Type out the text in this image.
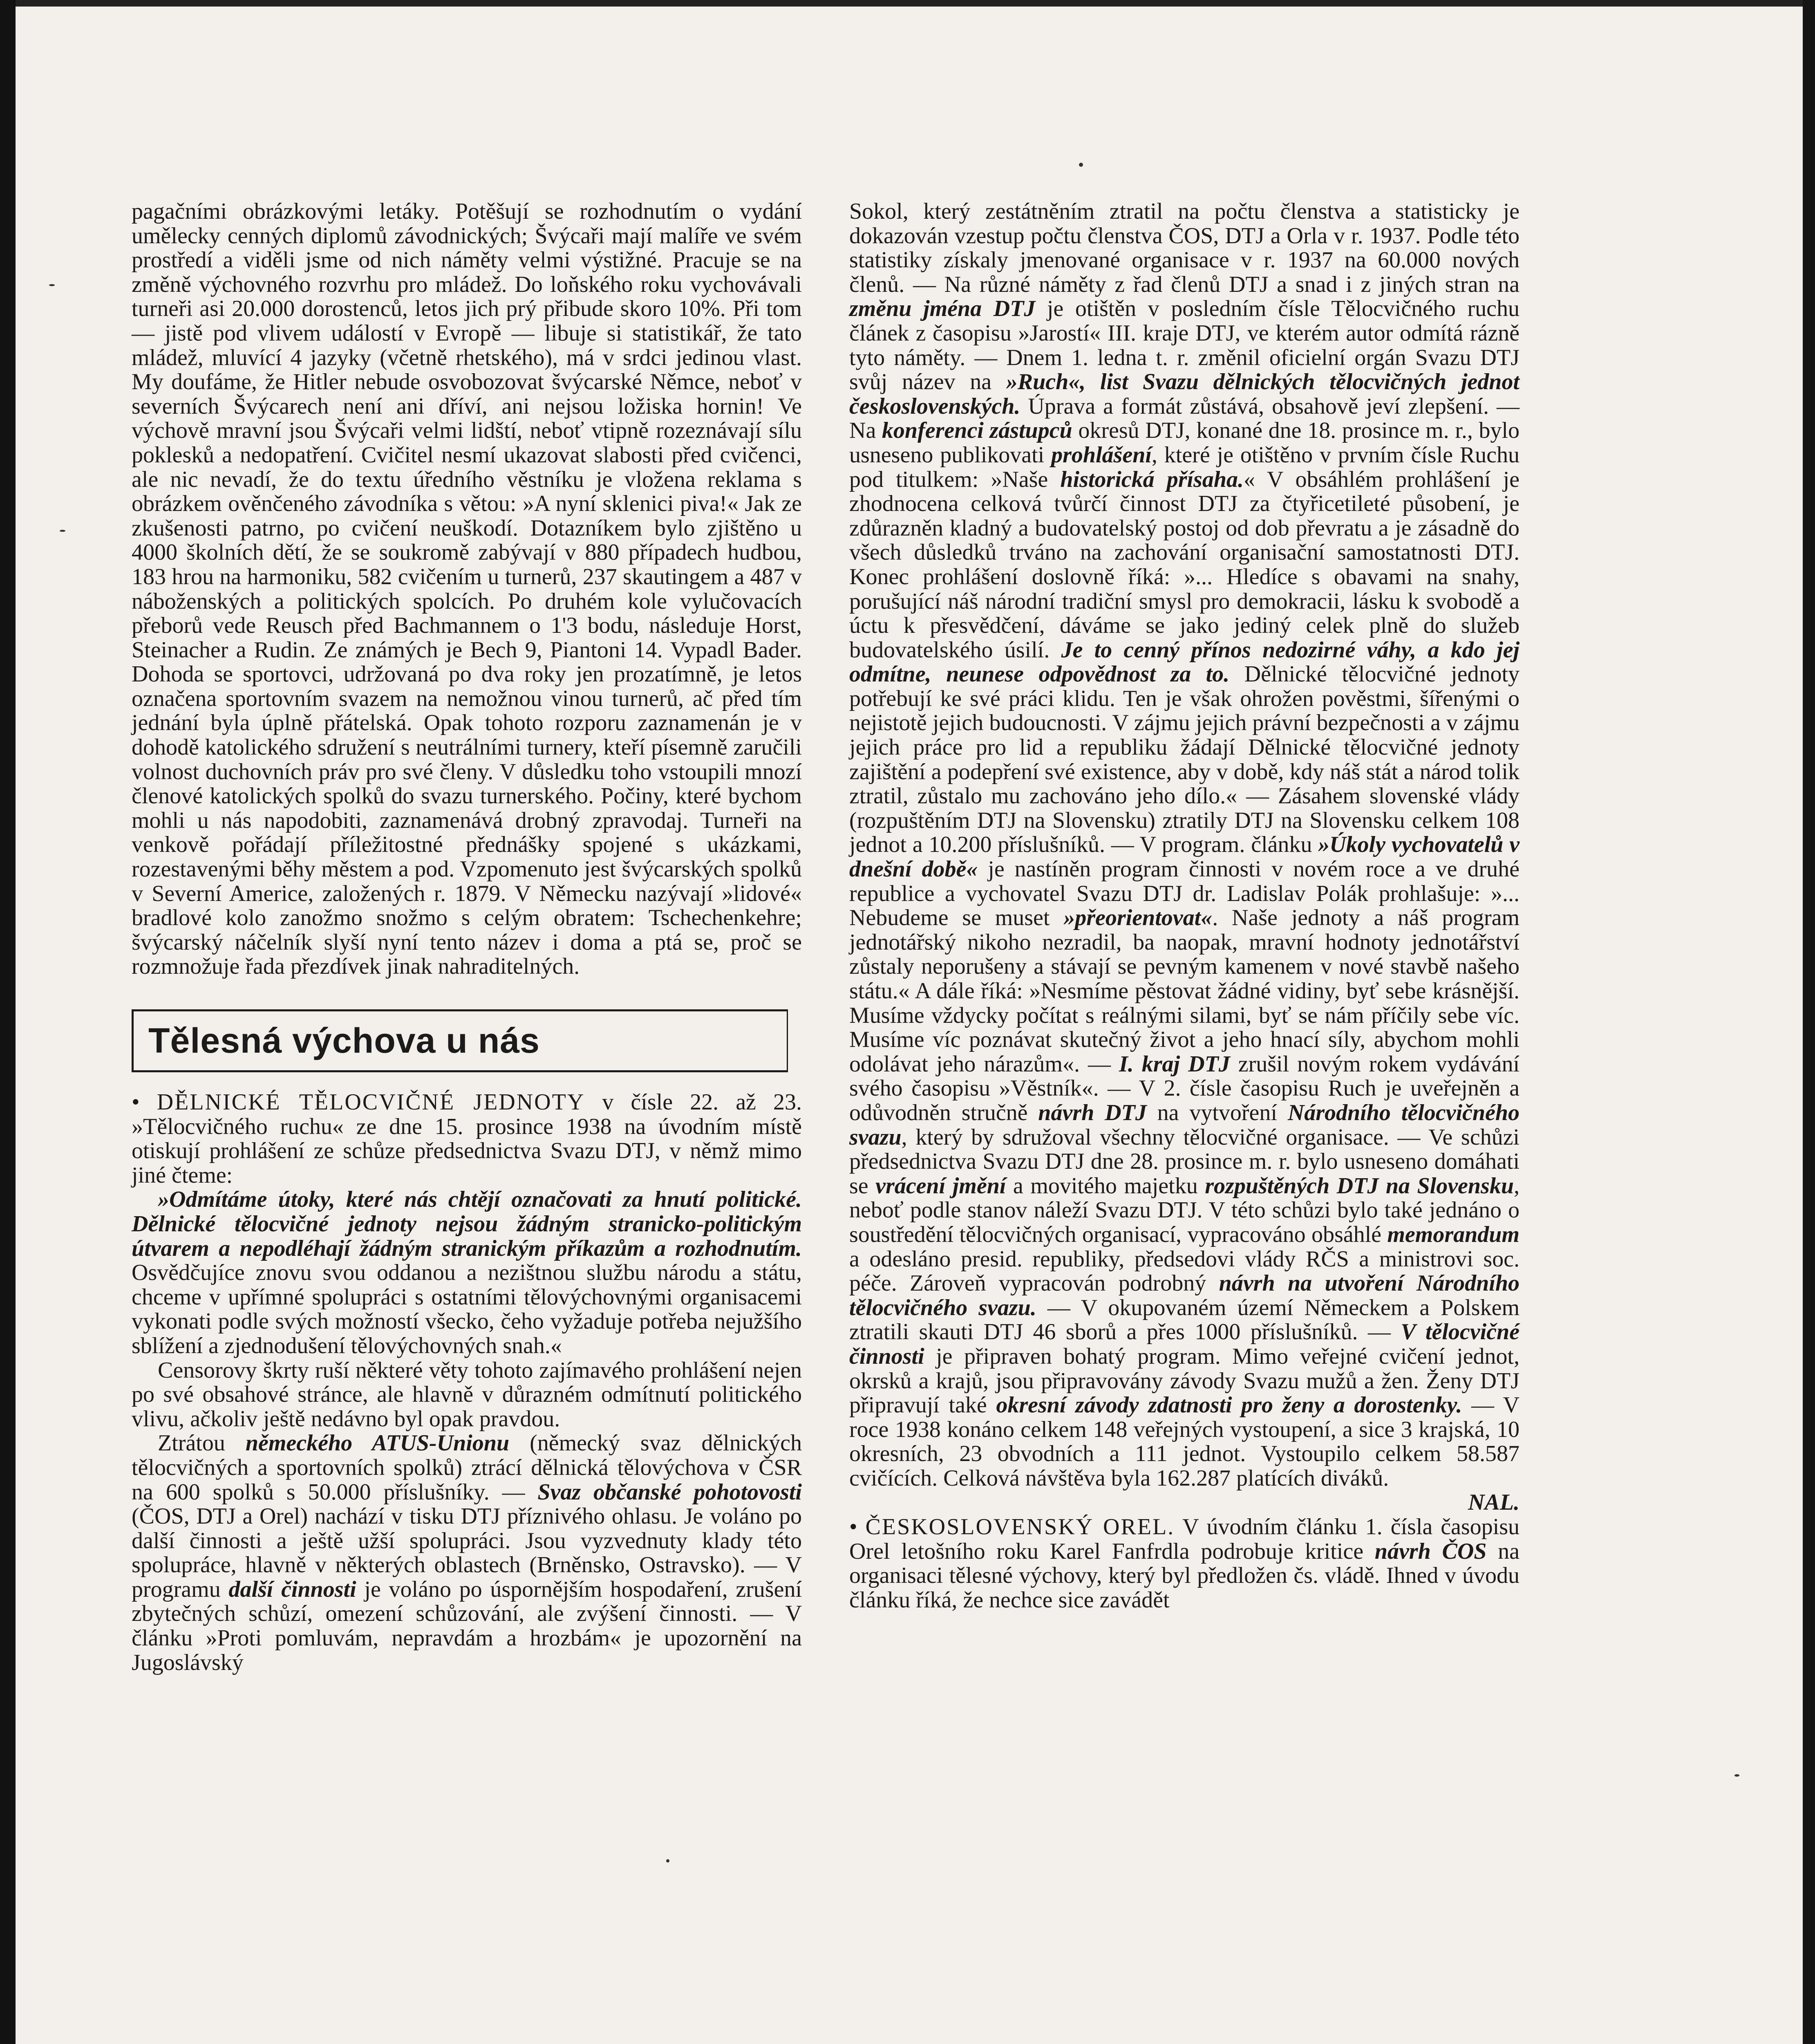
pagačními obrázkovými letáky. Potěšují se rozhodnutím o vydání umělecky cenných diplomů závodnických; Švýcaři mají malíře ve svém prostředí a viděli jsme od nich náměty velmi výstižné. Pracuje se na změně výchovného rozvrhu pro mládež. Do loňského roku vychovávali turneři asi 20.000 dorostenců, letos jich prý přibude skoro 10%. Při tom — jistě pod vlivem událostí v Evropě — libuje si statistikář, že tato mládež, mluvící 4 jazyky (včetně rhetského), má v srdci jedinou vlast. My doufáme, že Hitler nebude osvobozovat švýcarské Němce, neboť v severních Švýcarech není ani dříví, ani nejsou ložiska hornin! Ve výchově mravní jsou Švýcaři velmi lidští, neboť vtipně rozeznávají sílu poklesků a nedopatření. Cvičitel nesmí ukazovat slabosti před cvičenci, ale nic nevadí, že do textu úředního věstníku je vložena reklama s obrázkem ověnčeného závodníka s větou: »A nyní sklenici piva!« Jak ze zkušenosti patrno, po cvičení neuškodí. Dotazníkem bylo zjištěno u 4000 školních dětí, že se soukromě zabývají v 880 případech hudbou, 183 hrou na harmoniku, 582 cvičením u turnerů, 237 skautingem a 487 v náboženských a politických spolcích. Po druhém kole vylučovacích přeborů vede Reusch před Bachmannem o 1'3 bodu, následuje Horst, Steinacher a Rudin. Ze známých je Bech 9, Piantoni 14. Vypadl Bader. Dohoda se sportovci, udržovaná po dva roky jen prozatímně, je letos označena sportovním svazem na nemožnou vinou turnerů, ač před tím jednání byla úplně přátelská. Opak tohoto rozporu zaznamenán je v dohodě katolického sdružení s neutrálními turnery, kteří písemně zaručili volnost duchovních práv pro své členy. V důsledku toho vstoupili mnozí členové katolických spolků do svazu turnerského. Počiny, které bychom mohli u nás napodobiti, zaznamenává drobný zpravodaj. Turneři na venkově pořádají příležitostné přednášky spojené s ukázkami, rozestavenými běhy městem a pod. Vzpomenuto jest švýcarských spolků v Severní Americe, založených r. 1879. V Německu nazývají »lidové« bradlové kolo zanožmo snožmo s celým obratem: Tschechenkehre; švýcarský náčelník slyší nyní tento název i doma a ptá se, proč se rozmnožuje řada přezdívek jinak nahraditelných.

Tělesná výchova u nás

• DĚLNICKÉ TĚLOCVIČNÉ JEDNOTY v čísle 22. až 23. »Tělocvičného ruchu« ze dne 15. prosince 1938 na úvodním místě otiskují prohlášení ze schůze předsednictva Svazu DTJ, v němž mimo jiné čteme:

»Odmítáme útoky, které nás chtějí označovati za hnutí politické. Dělnické tělocvičné jednoty nejsou žádným stranicko-politickým útvarem a nepodléhají žádným stranickým příkazům a rozhodnutím. Osvědčujíce znovu svou oddanou a nezištnou službu národu a státu, chceme v upřímné spolupráci s ostatními tělovýchovnými organisacemi vykonati podle svých možností všecko, čeho vyžaduje potřeba nejužšího sblížení a zjednodušení tělovýchovných snah.«

Censorovy škrty ruší některé věty tohoto zajímavého prohlášení nejen po své obsahové stránce, ale hlavně v důrazném odmítnutí politického vlivu, ačkoliv ještě nedávno byl opak pravdou.

Ztrátou německého ATUS-Unionu (německý svaz dělnických tělocvičných a sportovních spolků) ztrácí dělnická tělovýchova v ČSR na 600 spolků s 50.000 příslušníky. — Svaz občanské pohotovosti (ČOS, DTJ a Orel) nachází v tisku DTJ příznivého ohlasu. Je voláno po další činnosti a ještě užší spolupráci. Jsou vyzvednuty klady této spolupráce, hlavně v některých oblastech (Brněnsko, Ostravsko). — V programu další činnosti je voláno po úspornějším hospodaření, zrušení zbytečných schůzí, omezení schůzování, ale zvýšení činnosti. — V článku »Proti pomluvám, nepravdám a hrozbám« je upozornění na Jugoslávský

Sokol, který zestátněním ztratil na počtu členstva a statisticky je dokazován vzestup počtu členstva ČOS, DTJ a Orla v r. 1937. Podle této statistiky získaly jmenované organisace v r. 1937 na 60.000 nových členů. — Na různé náměty z řad členů DTJ a snad i z jiných stran na změnu jména DTJ je otištěn v posledním čísle Tělocvičného ruchu článek z časopisu »Jarostí« III. kraje DTJ, ve kterém autor odmítá rázně tyto náměty. — Dnem 1. ledna t. r. změnil oficielní orgán Svazu DTJ svůj název na »Ruch«, list Svazu dělnických tělocvičných jednot československých. Úprava a formát zůstává, obsahově jeví zlepšení. — Na konferenci zástupců okresů DTJ, konané dne 18. prosince m. r., bylo usneseno publikovati prohlášení, které je otištěno v prvním čísle Ruchu pod titulkem: »Naše historická přísaha.« V obsáhlém prohlášení je zhodnocena celková tvůrčí činnost DTJ za čtyřicetileté působení, je zdůrazněn kladný a budovatelský postoj od dob převratu a je zásadně do všech důsledků trváno na zachování organisační samostatnosti DTJ. Konec prohlášení doslovně říká: »... Hledíce s obavami na snahy, porušující náš národní tradiční smysl pro demokracii, lásku k svobodě a úctu k přesvědčení, dáváme se jako jediný celek plně do služeb budovatelského úsilí. Je to cenný přínos nedozirné váhy, a kdo jej odmítne, neunese odpovědnost za to. Dělnické tělocvičné jednoty potřebují ke své práci klidu. Ten je však ohrožen pověstmi, šířenými o nejistotě jejich budoucnosti. V zájmu jejich právní bezpečnosti a v zájmu jejich práce pro lid a republiku žádají Dělnické tělocvičné jednoty zajištění a podepření své existence, aby v době, kdy náš stát a národ tolik ztratil, zůstalo mu zachováno jeho dílo.« — Zásahem slovenské vlády (rozpuštěním DTJ na Slovensku) ztratily DTJ na Slovensku celkem 108 jednot a 10.200 příslušníků. — V program. článku »Úkoly vychovatelů v dnešní době« je nastíněn program činnosti v novém roce a ve druhé republice a vychovatel Svazu DTJ dr. Ladislav Polák prohlašuje: »... Nebudeme se muset »přeorientovat«. Naše jednoty a náš program jednotářský nikoho nezradil, ba naopak, mravní hodnoty jednotářství zůstaly neporušeny a stávají se pevným kamenem v nové stavbě našeho státu.« A dále říká: »Nesmíme pěstovat žádné vidiny, byť sebe krásnější. Musíme vždycky počítat s reálnými silami, byť se nám příčily sebe víc. Musíme víc poznávat skutečný život a jeho hnací síly, abychom mohli odolávat jeho nárazům«. — I. kraj DTJ zrušil novým rokem vydávání svého časopisu »Věstník«. — V 2. čísle časopisu Ruch je uveřejněn a odůvodněn stručně návrh DTJ na vytvoření Národního tělocvičného svazu, který by sdružoval všechny tělocvičné organisace. — Ve schůzi předsednictva Svazu DTJ dne 28. prosince m. r. bylo usneseno domáhati se vrácení jmění a movitého majetku rozpuštěných DTJ na Slovensku, neboť podle stanov náleží Svazu DTJ. V této schůzi bylo také jednáno o soustředění tělocvičných organisací, vypracováno obsáhlé memorandum a odesláno presid. republiky, předsedovi vlády RČS a ministrovi soc. péče. Zároveň vypracován podrobný návrh na utvoření Národního tělocvičného svazu. — V okupovaném území Německem a Polskem ztratili skauti DTJ 46 sborů a přes 1000 příslušníků. — V tělocvičné činnosti je připraven bohatý program. Mimo veřejné cvičení jednot, okrsků a krajů, jsou připravovány závody Svazu mužů a žen. Ženy DTJ připravují také okresní závody zdatnosti pro ženy a dorostenky. — V roce 1938 konáno celkem 148 veřejných vystoupení, a sice 3 krajská, 10 okresních, 23 obvodních a 111 jednot. Vystoupilo celkem 58.587 cvičících. Celková návštěva byla 162.287 platících diváků.

NAL.

• ČESKOSLOVENSKÝ OREL. V úvodním článku 1. čísla časopisu Orel letošního roku Karel Fanfrdla podrobuje kritice návrh ČOS na organisaci tělesné výchovy, který byl předložen čs. vládě. Ihned v úvodu článku říká, že nechce sice zavádět
